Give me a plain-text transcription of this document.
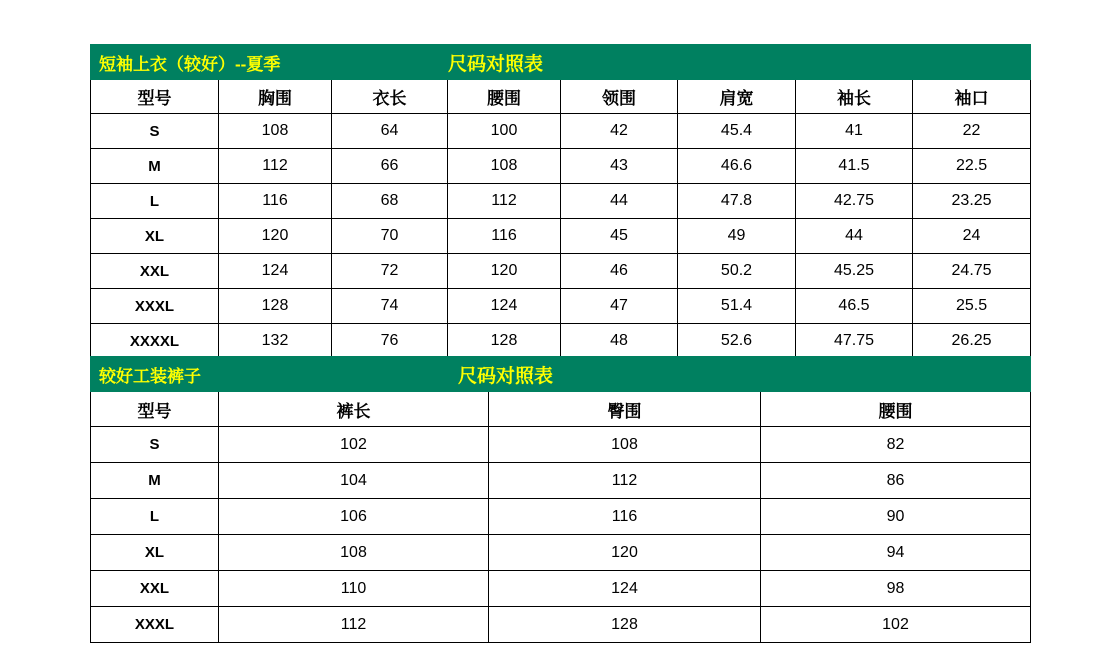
短袖上衣（较好）--夏季 尺码对照表							

型号	胸围	衣长	腰围	领围	肩宽	袖长	袖口
S	108	64	100	42	45.4	41	22
M	112	66	108	43	46.6	41.5	22.5
L	116	68	112	44	47.8	42.75	23.25
XL	120	70	116	45	49	44	24
XXL	124	72	120	46	50.2	45.25	24.75
XXXL	128	74	124	47	51.4	46.5	25.5
XXXXL	132	76	128	48	52.6	47.75	26.25
较好工装裤子 尺码对照表			

型号	裤长	臀围	腰围
S	102	108	82
M	104	112	86
L	106	116	90
XL	108	120	94
XXL	110	124	98
XXXL	112	128	102
